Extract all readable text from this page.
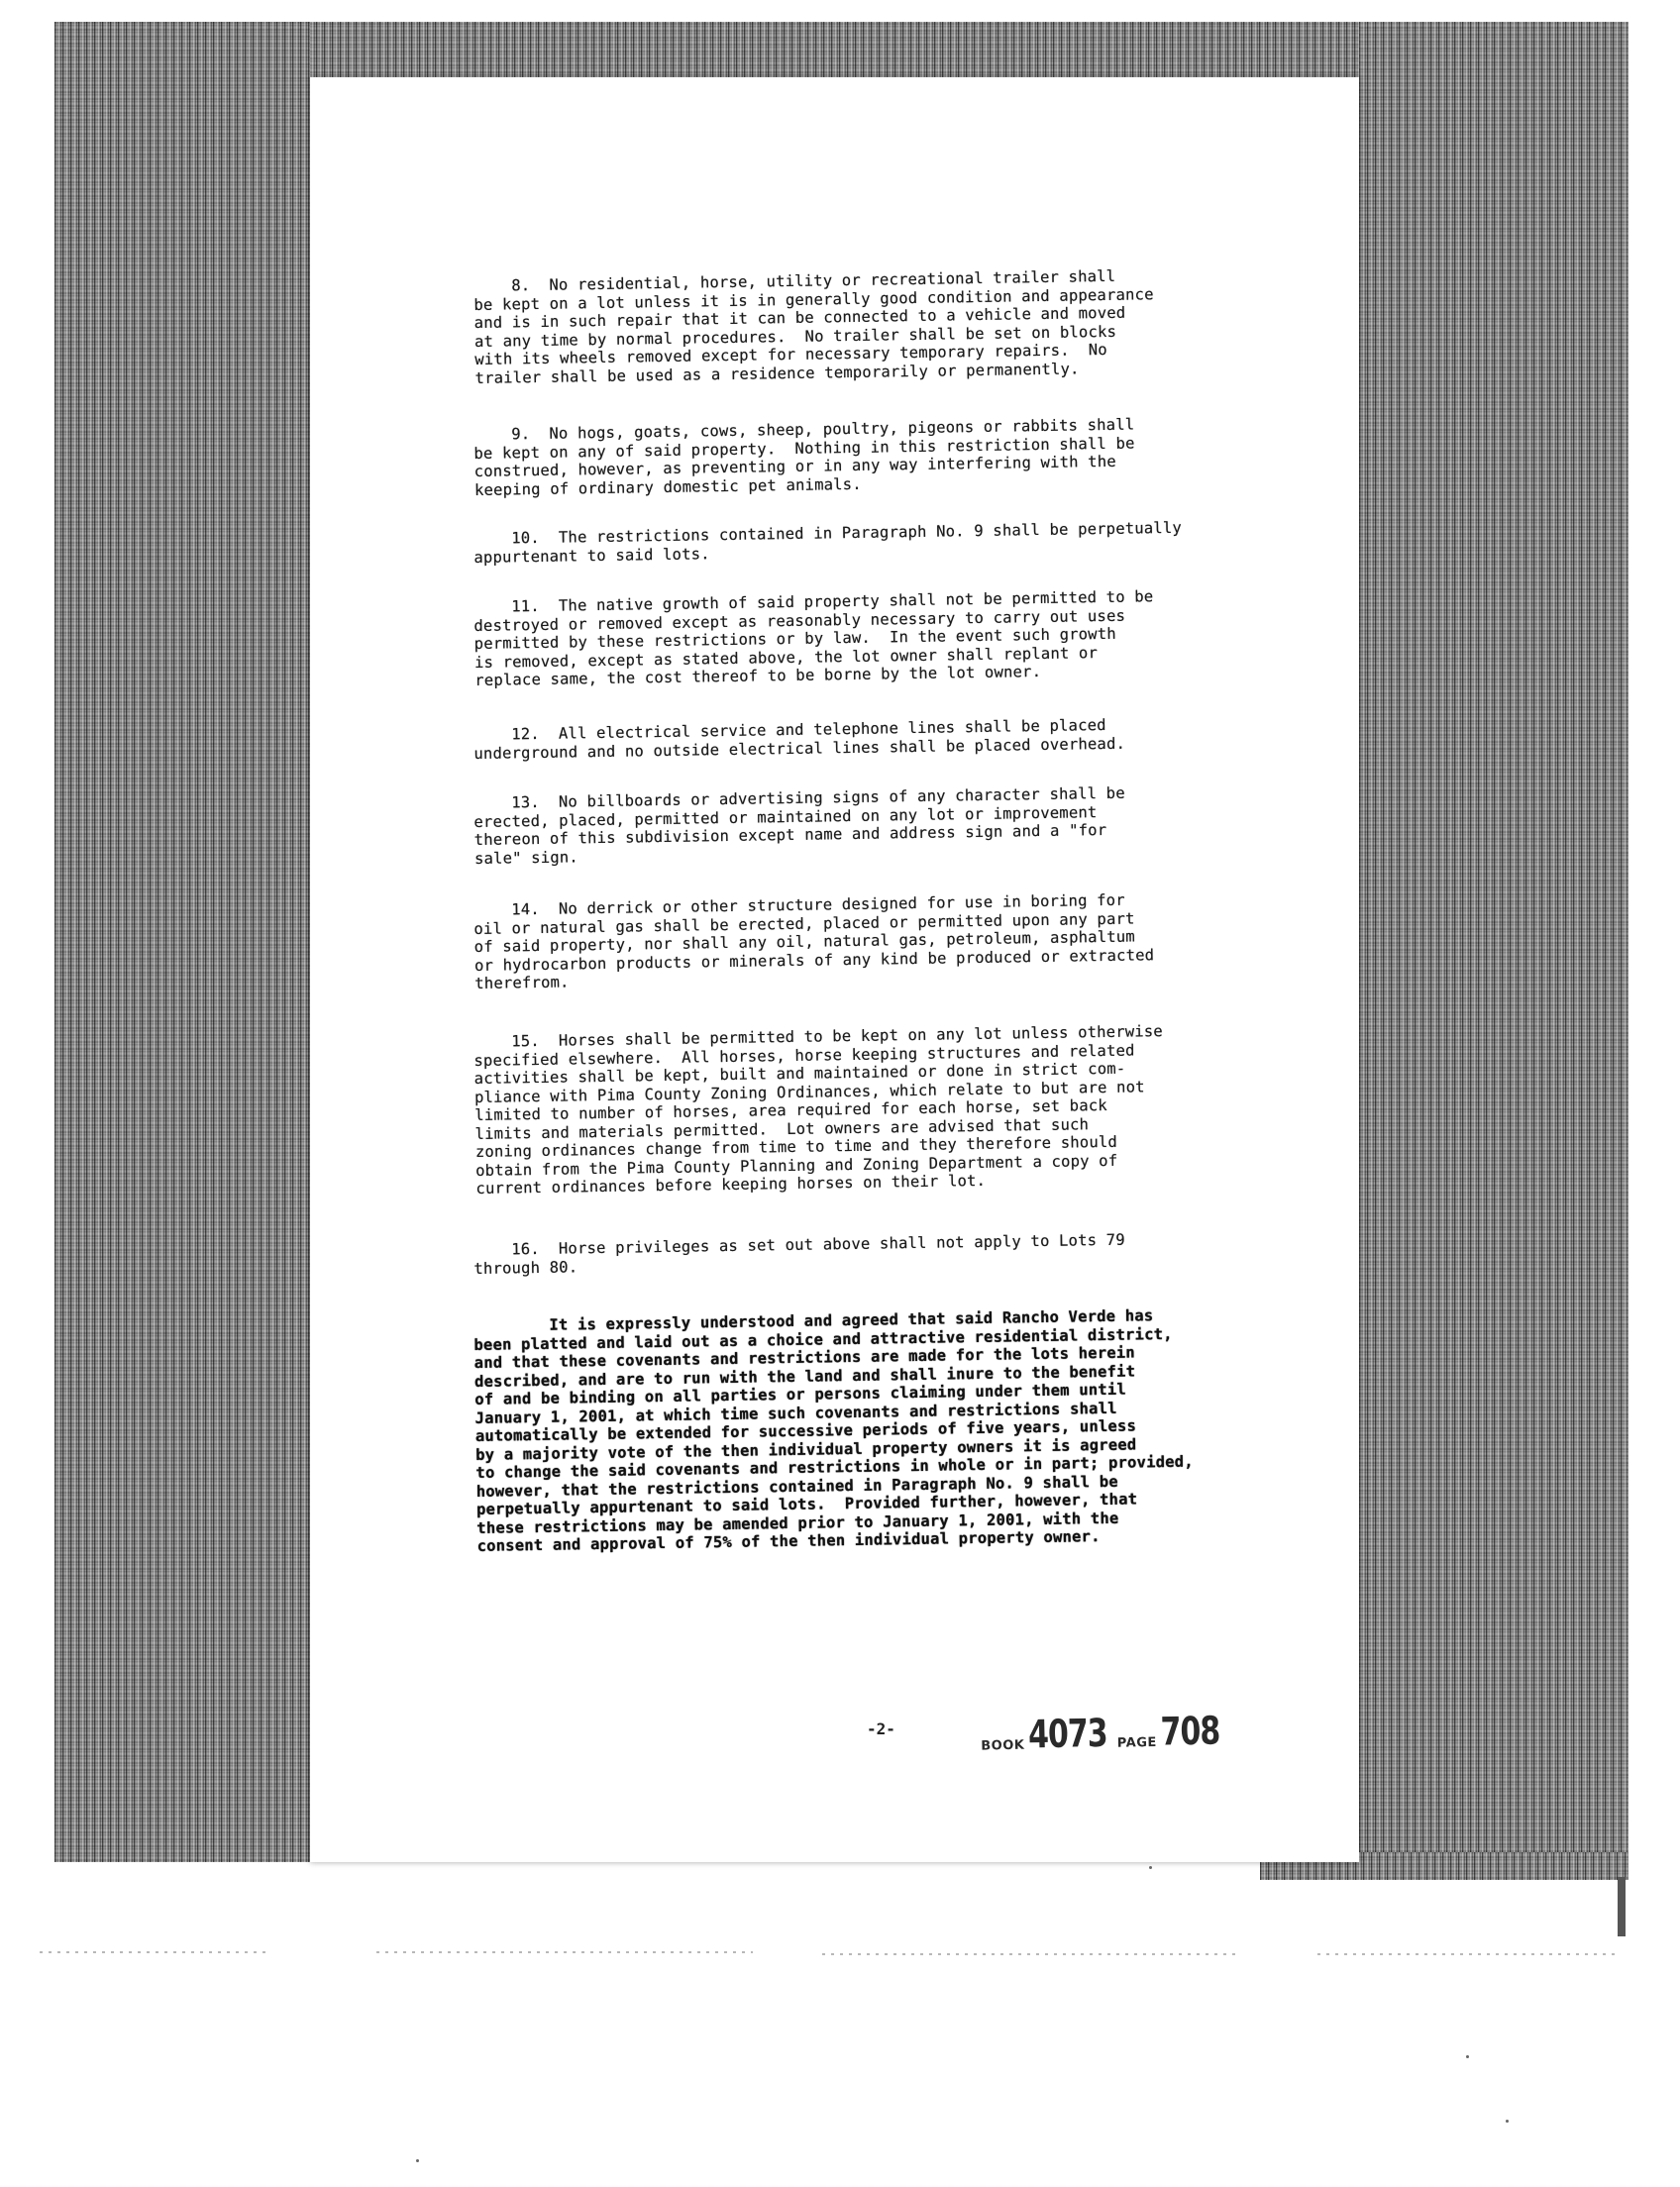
8.  No residential, horse, utility or recreational trailer shall
be kept on a lot unless it is in generally good condition and appearance
and is in such repair that it can be connected to a vehicle and moved
at any time by normal procedures.  No trailer shall be set on blocks
with its wheels removed except for necessary temporary repairs.  No
trailer shall be used as a residence temporarily or permanently.
9.  No hogs, goats, cows, sheep, poultry, pigeons or rabbits shall
be kept on any of said property.  Nothing in this restriction shall be
construed, however, as preventing or in any way interfering with the
keeping of ordinary domestic pet animals.
10.  The restrictions contained in Paragraph No. 9 shall be perpetually
appurtenant to said lots.
11.  The native growth of said property shall not be permitted to be
destroyed or removed except as reasonably necessary to carry out uses
permitted by these restrictions or by law.  In the event such growth
is removed, except as stated above, the lot owner shall replant or
replace same, the cost thereof to be borne by the lot owner.
12.  All electrical service and telephone lines shall be placed
underground and no outside electrical lines shall be placed overhead.
13.  No billboards or advertising signs of any character shall be
erected, placed, permitted or maintained on any lot or improvement
thereon of this subdivision except name and address sign and a "for
sale" sign.
14.  No derrick or other structure designed for use in boring for
oil or natural gas shall be erected, placed or permitted upon any part
of said property, nor shall any oil, natural gas, petroleum, asphaltum
or hydrocarbon products or minerals of any kind be produced or extracted
therefrom.
15.  Horses shall be permitted to be kept on any lot unless otherwise
specified elsewhere.  All horses, horse keeping structures and related
activities shall be kept, built and maintained or done in strict com-
pliance with Pima County Zoning Ordinances, which relate to but are not
limited to number of horses, area required for each horse, set back
limits and materials permitted.  Lot owners are advised that such
zoning ordinances change from time to time and they therefore should
obtain from the Pima County Planning and Zoning Department a copy of
current ordinances before keeping horses on their lot.
16.  Horse privileges as set out above shall not apply to Lots 79
through 80.
It is expressly understood and agreed that said Rancho Verde has
been platted and laid out as a choice and attractive residential district,
and that these covenants and restrictions are made for the lots herein
described, and are to run with the land and shall inure to the benefit
of and be binding on all parties or persons claiming under them until
January 1, 2001, at which time such covenants and restrictions shall
automatically be extended for successive periods of five years, unless
by a majority vote of the then individual property owners it is agreed
to change the said covenants and restrictions in whole or in part; provided,
however, that the restrictions contained in Paragraph No. 9 shall be
perpetually appurtenant to said lots.  Provided further, however, that
these restrictions may be amended prior to January 1, 2001, with the
consent and approval of 75% of the then individual property owner.
-2-
BOOK 4073 PAGE 708
